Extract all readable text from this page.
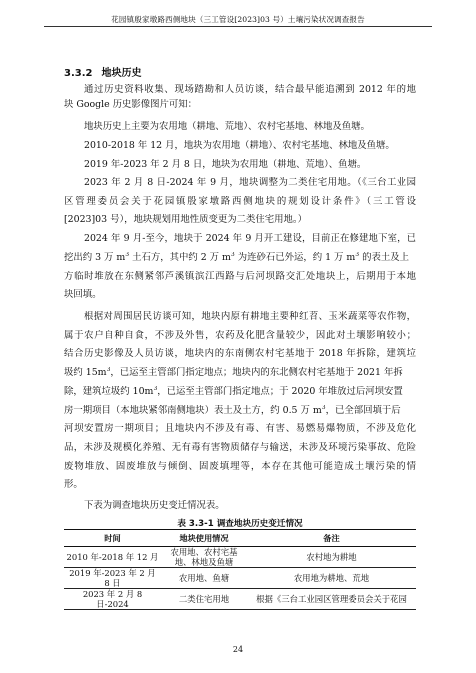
花园镇殷家墩路西侧地块（三工管设[2023]03 号）土壤污染状况调查报告
3.3.2 地块历史
通过历史资料收集、现场踏勘和人员访谈，结合最早能追溯到 2012 年的地
块 Google 历史影像图片可知：
地块历史上主要为农用地（耕地、荒地）、农村宅基地、林地及鱼塘。
2010-2018 年 12 月，地块为农用地（耕地）、农村宅基地、林地及鱼塘。
2019 年-2023 年 2 月 8 日，地块为农用地（耕地、荒地）、鱼塘。
2023 年 2 月 8 日-2024 年 9 月，地块调整为二类住宅用地。（《三台工业园
区管理委员会关于花园镇殷家墩路西侧地块的规划设计条件》（三工管设
[2023]03 号），地块规划用地性质变更为二类住宅用地。）
2024 年 9 月-至今，地块于 2024 年 9 月开工建设，目前正在修建地下室，已
挖出约 3 万 $m^3$ 土石方，其中约 2 万 $m^3$ 为连砂石已外运，约 1 万 $m^3$ 的表土及上
方临时堆放在东侧紧邻芦溪镇滨江西路与后河坝路交汇处地块上，后期用于本地
块回填。
根据对周围居民访谈可知，地块内原有耕地主要种红苕、玉米蔬菜等农作物，
属于农户自种自食，不涉及外售，农药及化肥含量较少，因此对土壤影响较小；
结合历史影像及人员访谈，地块内的东南侧农村宅基地于 2018 年拆除，建筑垃
圾约 $15m^3$，已运至主管部门指定地点；地块内的东北侧农村宅基地于 2021 年拆
除，建筑垃圾约 $10m^3$，已运至主管部门指定地点；于 2020 年堆放过后河坝安置
房一期项目（本地块紧邻南侧地块）表土及土方，约 0.5 万 $m^3$，已全部回填于后
河坝安置房一期项目；且地块内不涉及有毒、有害、易燃易爆物质，不涉及危化
品，未涉及规模化养殖、无有毒有害物质储存与输送，未涉及环境污染事故、危险
废物堆放、固废堆放与倾倒、固废填埋等，本存在其他可能造成土壤污染的情
形。
下表为调查地块历史变迁情况表。
表 3.3-1 调查地块历史变迁情况
时间	地块使用情况	备注
2010 年-2018 年 12 月	农用地、农村宅基地、林地及鱼塘	农村地为耕地
2019 年-2023 年 2 月 8 日	农用地、鱼塘	农用地为耕地、荒地
2023 年 2 月 8 日-2024	二类住宅用地	根据《三台工业园区管理委员会关于花园
24
